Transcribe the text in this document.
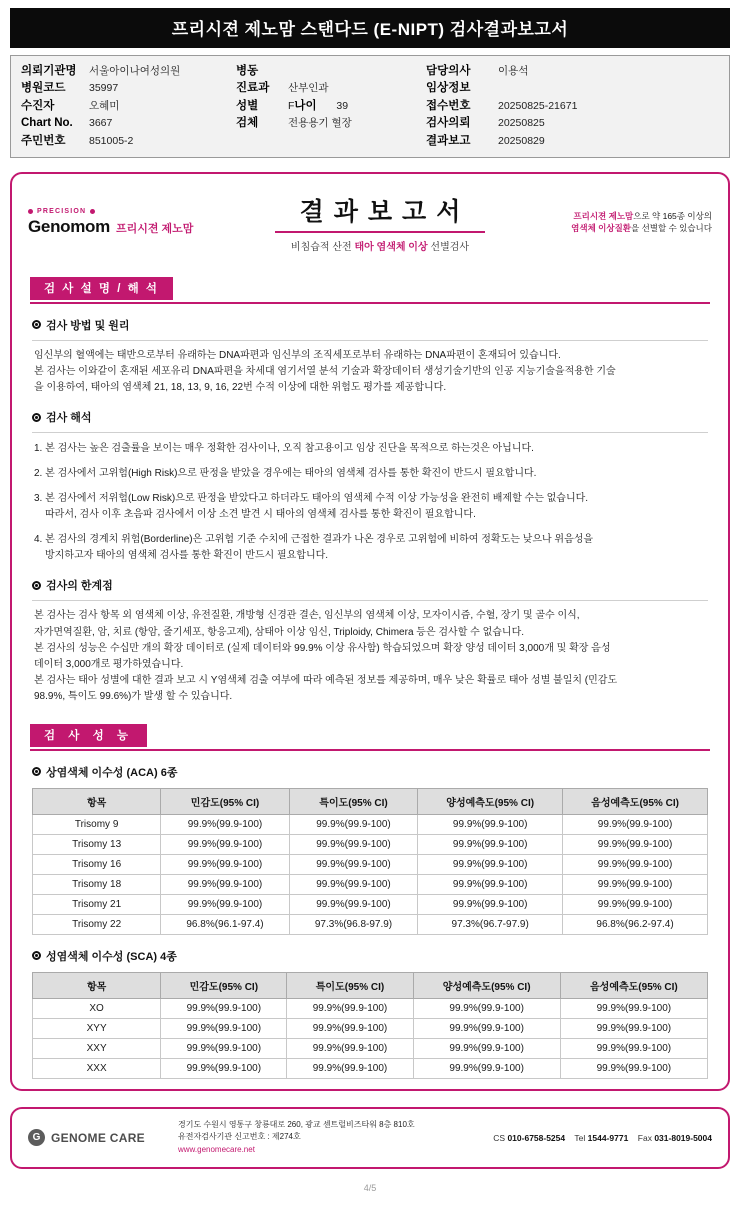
프리시젼 제노맘 스탠다드 (E-NIPT) 검사결과보고서
의뢰기관명	서울아이나여성의원
병원코드	35997
수진자	오혜미
Chart No.	3667
주민번호	851005-2
병동
진료과	산부인과
성별	F 나이	39
검체	전용용기 혈장
담당의사	이용석
임상정보
접수번호	20250825-21671
검사의뢰	20250825
결과보고	20250829
PRECISION
Genomom 프리시젼 제노맘
결과보고서
비침습적 산전 태아 염색체 이상 선별검사
프리시젼 제노맘으로 약 165종 이상의
염색체 이상질환을 선별할 수 있습니다
검 사 설 명 / 해 석
검사 방법 및 원리

임신부의 혈액에는 태반으로부터 유래하는 DNA파편과 임신부의 조직세포로부터 유래하는 DNA파편이 혼재되어 있습니다.

본 검사는 이와같이 혼재된 세포유리 DNA파편을 차세대 염기서열 분석 기술과 확장데이터 생성기술기반의 인공 지능기술을적용한 기술

을 이용하여, 태아의 염색체 21, 18, 13, 9, 16, 22번 수적 이상에 대한 위험도 평가를 제공합니다.

검사 해석
1. 본 검사는 높은 검출률을 보이는 매우 정확한 검사이나, 오직 참고용이고 임상 진단을 목적으로 하는것은 아닙니다.
2. 본 검사에서 고위험(High Risk)으로 판정을 받았을 경우에는 태아의 염색체 검사를 통한 확진이 반드시 필요합니다.
3. 본 검사에서 저위험(Low Risk)으로 판정을 받았다고 하더라도 태아의 염색체 수적 이상 가능성을 완전히 배제할 수는 없습니다.
따라서, 검사 이후 초음파 검사에서 이상 소견 발견 시 태아의 염색체 검사를 통한 확진이 필요합니다.
4. 본 검사의 경계치 위험(Borderline)은 고위험 기준 수치에 근접한 결과가 나온 경우로 고위험에 비하여 정확도는 낮으나 위음성을
방지하고자 태아의 염색체 검사를 통한 확진이 반드시 필요합니다.
검사의 한계점

본 검사는 검사 항목 외 염색체 이상, 유전질환, 개방형 신경관 결손, 임신부의 염색체 이상, 모자이시즘, 수혈, 장기 및 골수 이식,

자가면역질환, 암, 치료 (항암, 줄기세포, 항응고제), 삼태아 이상 임신, Triploidy, Chimera 등은 검사할 수 없습니다.

본 검사의 성능은 수십만 개의 확장 데이터로 (실제 데이터와 99.9% 이상 유사함) 학습되었으며 확장 양성 데이터 3,000개 및 확장 음성

데이터 3,000개로 평가하였습니다.

본 검사는 태아 성별에 대한 결과 보고 시 Y염색체 검출 여부에 따라 예측된 정보를 제공하며, 매우 낮은 확률로 태아 성별 불일치 (민감도

98.9%, 특이도 99.6%)가 발생 할 수 있습니다.

검 사 성 능
상염색체 이수성 (ACA) 6종
항목	민감도(95% CI)	특이도(95% CI)	양성예측도(95% CI)	음성예측도(95% CI)
Trisomy 9	99.9%(99.9-100)	99.9%(99.9-100)	99.9%(99.9-100)	99.9%(99.9-100)
Trisomy 13	99.9%(99.9-100)	99.9%(99.9-100)	99.9%(99.9-100)	99.9%(99.9-100)
Trisomy 16	99.9%(99.9-100)	99.9%(99.9-100)	99.9%(99.9-100)	99.9%(99.9-100)
Trisomy 18	99.9%(99.9-100)	99.9%(99.9-100)	99.9%(99.9-100)	99.9%(99.9-100)
Trisomy 21	99.9%(99.9-100)	99.9%(99.9-100)	99.9%(99.9-100)	99.9%(99.9-100)
Trisomy 22	96.8%(96.1-97.4)	97.3%(96.8-97.9)	97.3%(96.7-97.9)	96.8%(96.2-97.4)
성염색체 이수성 (SCA) 4종
항목	민감도(95% CI)	특이도(95% CI)	양성예측도(95% CI)	음성예측도(95% CI)
XO	99.9%(99.9-100)	99.9%(99.9-100)	99.9%(99.9-100)	99.9%(99.9-100)
XYY	99.9%(99.9-100)	99.9%(99.9-100)	99.9%(99.9-100)	99.9%(99.9-100)
XXY	99.9%(99.9-100)	99.9%(99.9-100)	99.9%(99.9-100)	99.9%(99.9-100)
XXX	99.9%(99.9-100)	99.9%(99.9-100)	99.9%(99.9-100)	99.9%(99.9-100)
G GENOME CARE
경기도 수원시 영통구 창룡대로 260, 광교 센트럴비즈타워 8층 810호
유전자검사기관 신고번호 : 제274호
www.genomecare.net
CS 010-6758-5254 Tel 1544-9771 Fax 031-8019-5004
4/5
